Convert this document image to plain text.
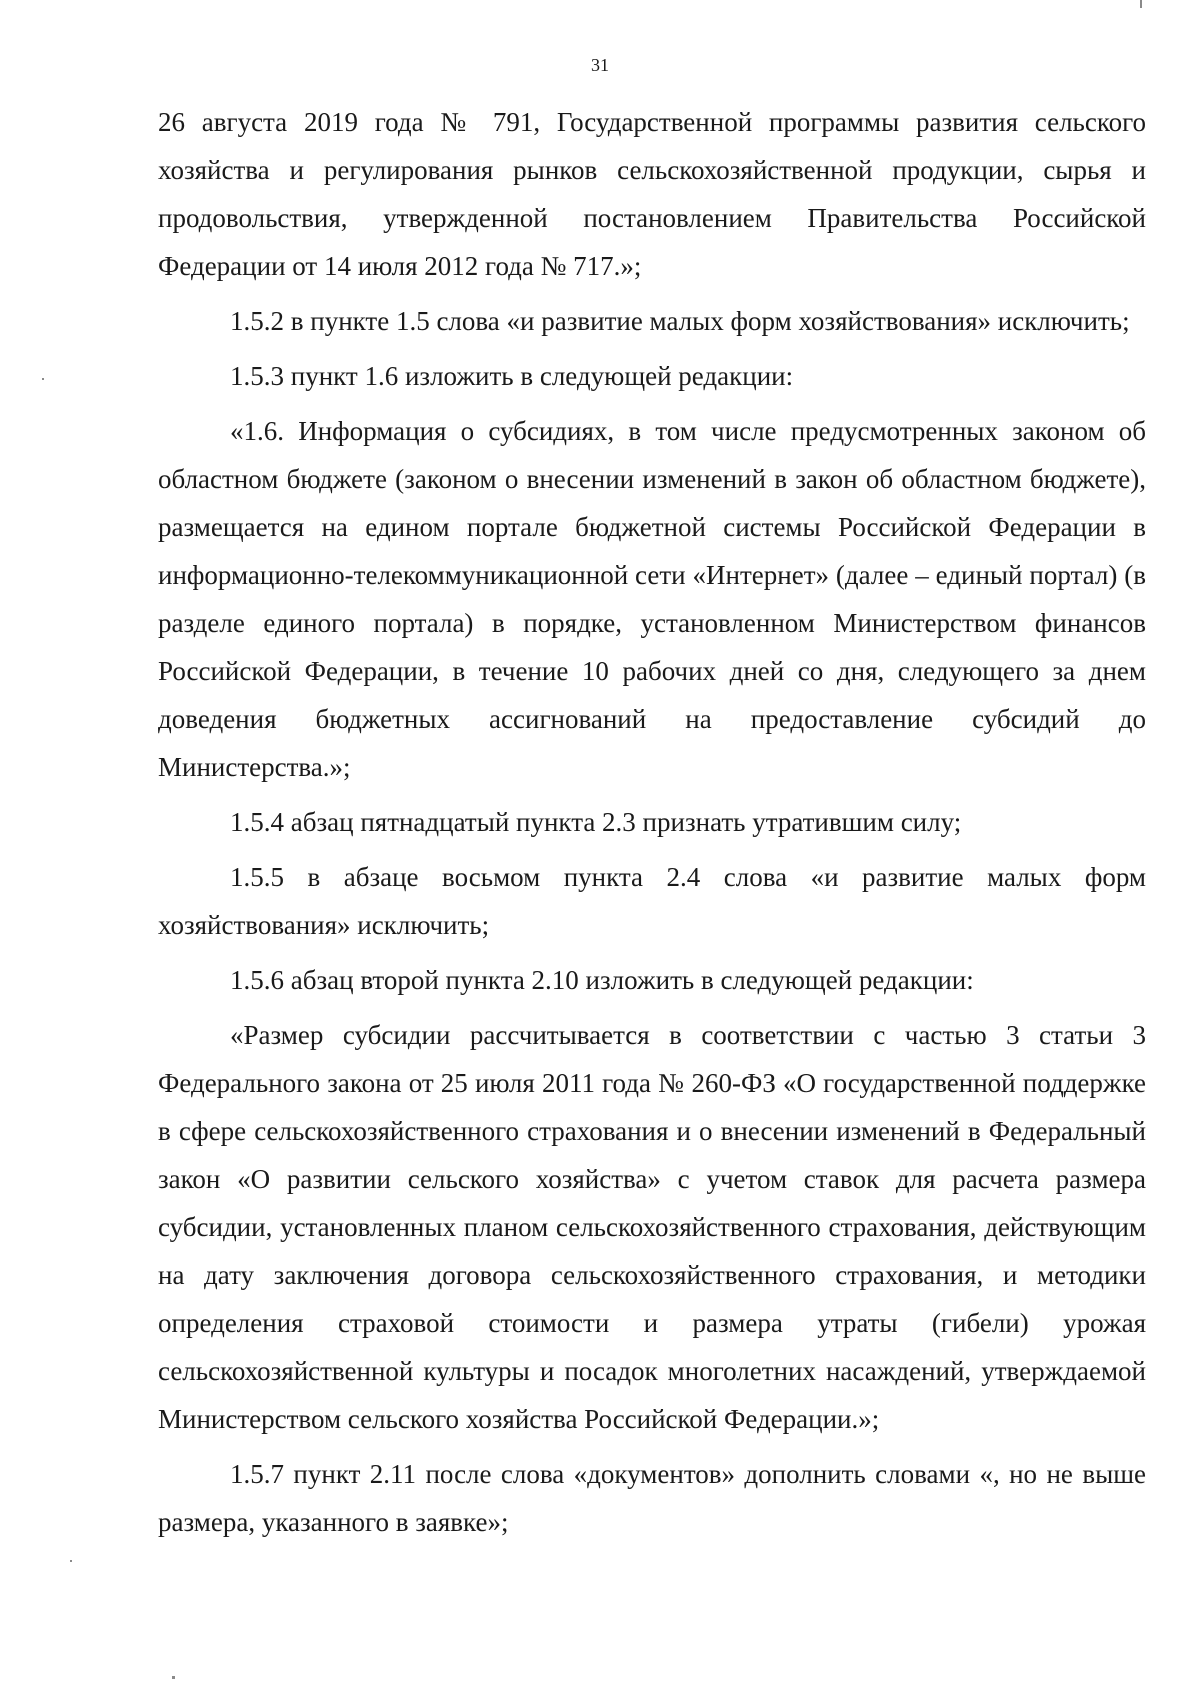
31

26 августа 2019 года № 791, Государственной программы развития сельского хозяйства и регулирования рынков сельскохозяйственной продукции, сырья и продовольствия, утвержденной постановлением Правительства Российской Федерации от 14 июля 2012 года № 717.»;

1.5.2 в пункте 1.5 слова «и развитие малых форм хозяйствования» исключить;

1.5.3 пункт 1.6 изложить в следующей редакции:

«1.6. Информация о субсидиях, в том числе предусмотренных законом об областном бюджете (законом о внесении изменений в закон об областном бюджете), размещается на едином портале бюджетной системы Российской Федерации в информационно-телекоммуникационной сети «Интернет» (далее – единый портал) (в разделе единого портала) в порядке, установленном Министерством финансов Российской Федерации, в течение 10 рабочих дней со дня, следующего за днем доведения бюджетных ассигнований на предоставление субсидий до Министерства.»;

1.5.4 абзац пятнадцатый пункта 2.3 признать утратившим силу;

1.5.5 в абзаце восьмом пункта 2.4 слова «и развитие малых форм хозяйствования» исключить;

1.5.6 абзац второй пункта 2.10 изложить в следующей редакции:

«Размер субсидии рассчитывается в соответствии с частью 3 статьи 3 Федерального закона от 25 июля 2011 года № 260-ФЗ «О государственной поддержке в сфере сельскохозяйственного страхования и о внесении изменений в Федеральный закон «О развитии сельского хозяйства» с учетом ставок для расчета размера субсидии, установленных планом сельскохозяйственного страхования, действующим на дату заключения договора сельскохозяйственного страхования, и методики определения страховой стоимости и размера утраты (гибели) урожая сельскохозяйственной культуры и посадок многолетних насаждений, утверждаемой Министерством сельского хозяйства Российской Федерации.»;

1.5.7 пункт 2.11 после слова «документов» дополнить словами «, но не выше размера, указанного в заявке»;
